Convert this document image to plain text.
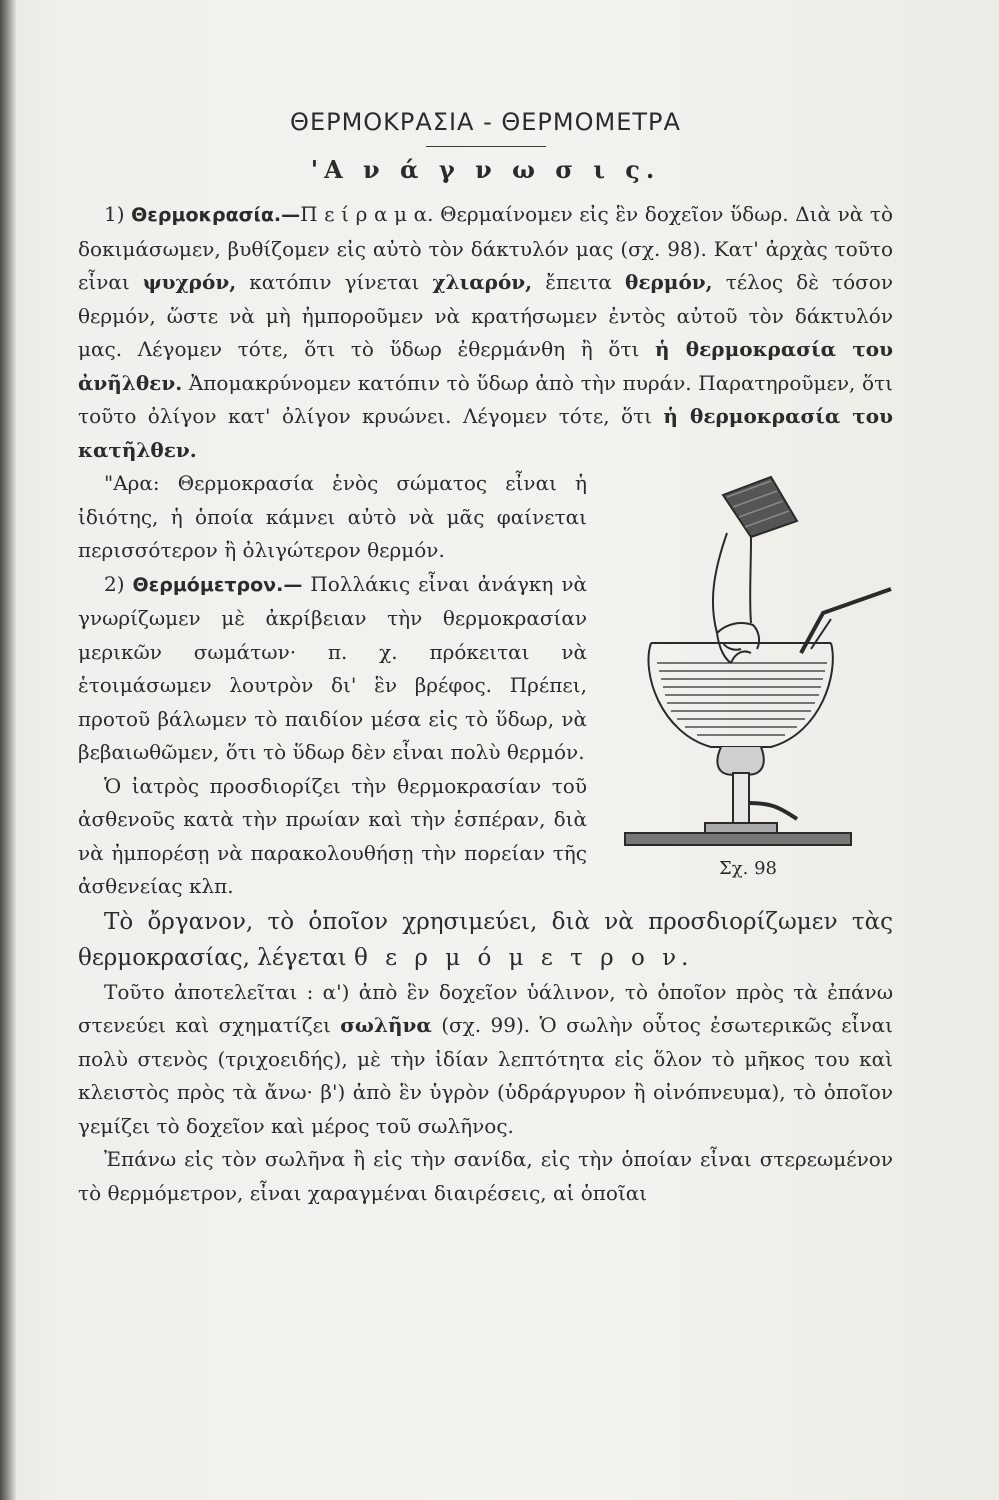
ΘΕΡΜΟΚΡΑΣΙΑ - ΘΕΡΜΟΜΕΤΡΑ
'Α ν ά γ ν ω σ ι ς.

1) Θερμοκρασία.—Π ε ί ρ α μ α. Θερμαίνομεν εἰς ἓν δοχεῖον ὕδωρ. Διὰ νὰ τὸ δοκιμάσωμεν, βυθίζομεν εἰς αὐτὸ τὸν δάκτυλόν μας (σχ. 98). Κατ' ἀρχὰς τοῦτο εἶναι ψυχρόν, κατόπιν γίνεται χλιαρόν, ἔπειτα θερμόν, τέλος δὲ τόσον θερμόν, ὥστε νὰ μὴ ἠμποροῦμεν νὰ κρατήσωμεν ἐντὸς αὐτοῦ τὸν δάκτυλόν μας. Λέγομεν τότε, ὅτι τὸ ὕδωρ ἐθερμάνθη ἢ ὅτι ἡ θερμοκρασία του ἀνῆλθεν. Ἀπομακρύνομεν κατόπιν τὸ ὕδωρ ἀπὸ τὴν πυράν. Παρατηροῦμεν, ὅτι τοῦτο ὀλίγον κατ' ὀλίγον κρυώνει. Λέγομεν τότε, ὅτι ἡ θερμοκρασία του κατῆλθεν.

Σχ. 98

"Αρα: Θερμοκρασία ἑνὸς σώματος εἶναι ἡ ἰδιότης, ἡ ὁποία κάμνει αὐτὸ νὰ μᾶς φαίνεται περισσότερον ἢ ὀλιγώτερον θερμόν.

2) Θερμόμετρον.— Πολλάκις εἶναι ἀνάγκη νὰ γνωρίζωμεν μὲ ἀκρίβειαν τὴν θερμοκρασίαν μερικῶν σωμάτων· π. χ. πρόκειται νὰ ἑτοιμάσωμεν λουτρὸν δι' ἓν βρέφος. Πρέπει, προτοῦ βάλωμεν τὸ παιδίον μέσα εἰς τὸ ὕδωρ, νὰ βεβαιωθῶμεν, ὅτι τὸ ὕδωρ δὲν εἶναι πολὺ θερμόν.

Ὁ ἰατρὸς προσδιορίζει τὴν θερμοκρασίαν τοῦ ἀσθενοῦς κατὰ τὴν πρωίαν καὶ τὴν ἑσπέραν, διὰ νὰ ἠμπορέσῃ νὰ παρακολουθήσῃ τὴν πορείαν τῆς ἀσθενείας κλπ.

Τὸ ὄργανον, τὸ ὁποῖον χρησιμεύει, διὰ νὰ προσδιορίζωμεν τὰς θερμοκρασίας, λέγεται θ ε ρ μ ό μ ε τ ρ ο ν.

Τοῦτο ἀποτελεῖται : α') ἀπὸ ἓν δοχεῖον ὑάλινον, τὸ ὁποῖον πρὸς τὰ ἐπάνω στενεύει καὶ σχηματίζει σωλῆνα (σχ. 99). Ὁ σωλὴν οὗτος ἐσωτερικῶς εἶναι πολὺ στενὸς (τριχοειδής), μὲ τὴν ἰδίαν λεπτότητα εἰς ὅλον τὸ μῆκος του καὶ κλειστὸς πρὸς τὰ ἄνω· β') ἀπὸ ἓν ὑγρὸν (ὑδράργυρον ἢ οἰνόπνευμα), τὸ ὁποῖον γεμίζει τὸ δοχεῖον καὶ μέρος τοῦ σωλῆνος.

Ἐπάνω εἰς τὸν σωλῆνα ἢ εἰς τὴν σανίδα, εἰς τὴν ὁποίαν εἶναι στερεωμένον τὸ θερμόμετρον, εἶναι χαραγμέναι διαιρέσεις, αἱ ὁποῖαι
